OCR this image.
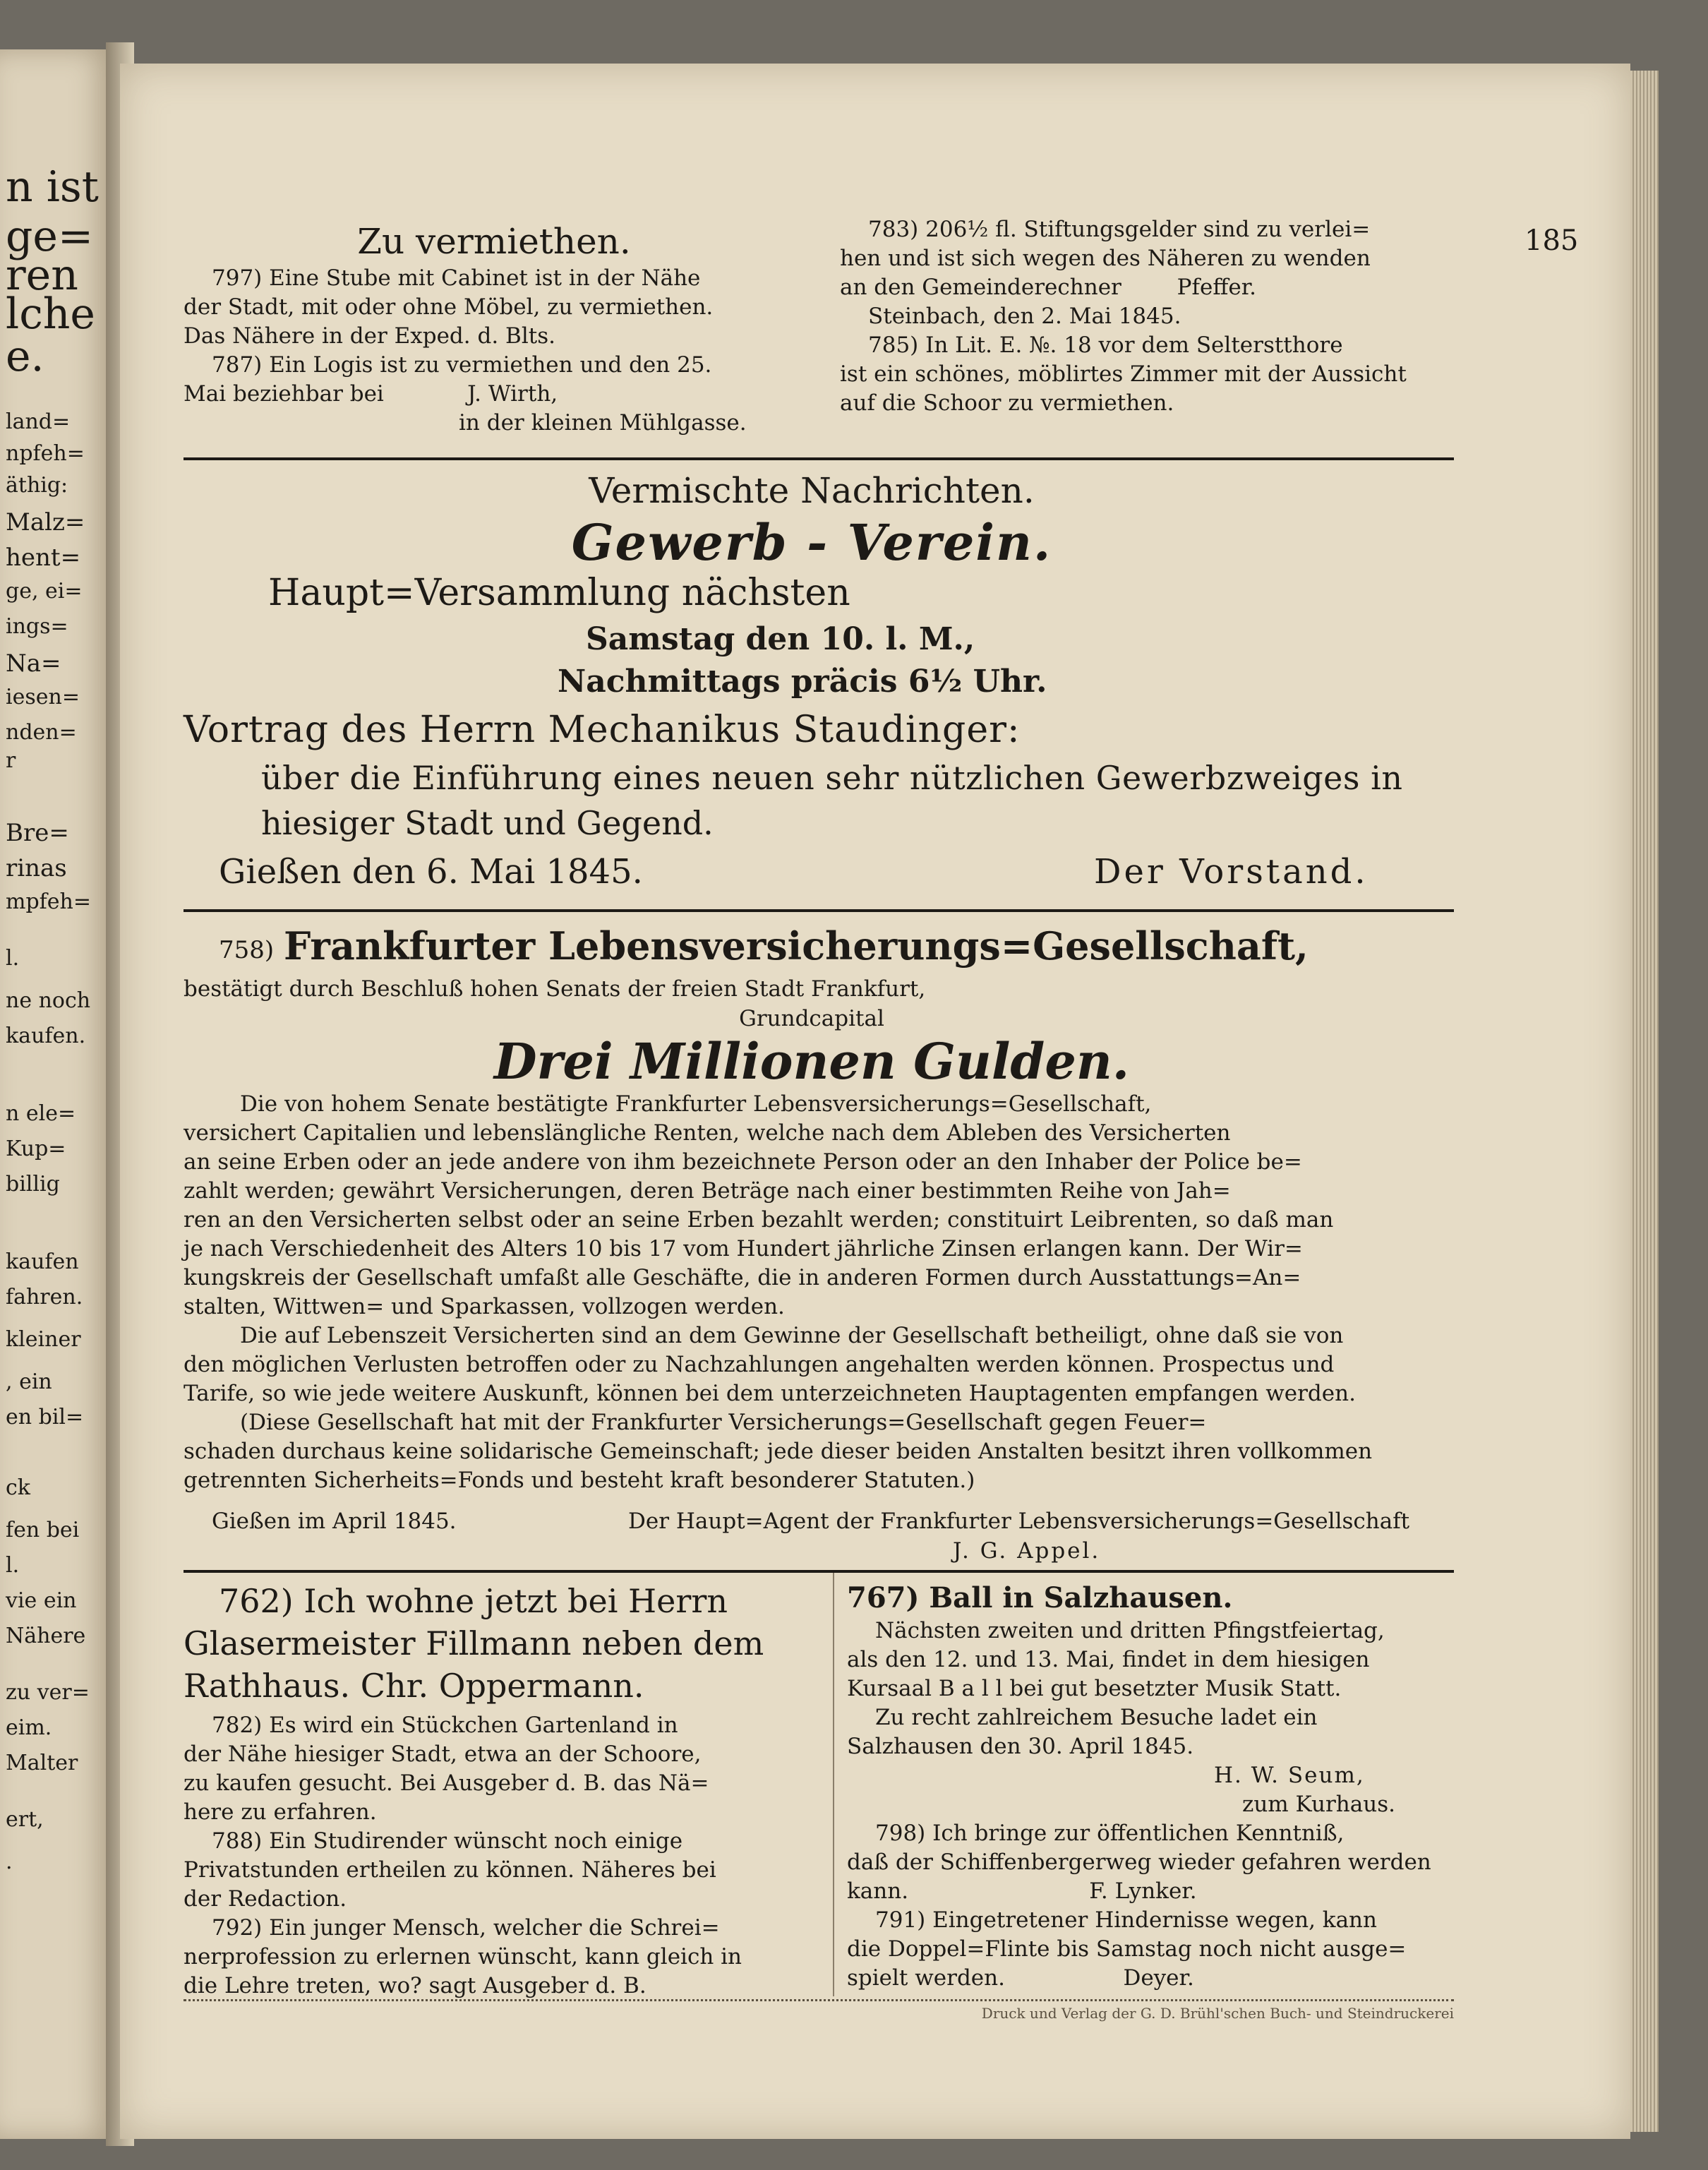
n ist
ge=
ren
lche
e.
land=
npfeh=
äthig:
Malz=
hent=
ge, ei=
ings=
Na=
iesen=
nden=
r
Bre=
rinas
mpfeh=
l.
ne noch
kaufen.
n ele=
Kup=
billig
kaufen
fahren.
kleiner
, ein
en bil=
ck
fen bei
l.
vie ein
Nähere
zu ver=
eim.
Malter
ert,
.
185
Zu vermiethen.

797) Eine Stube mit Cabinet ist in der Nähe

der Stadt, mit oder ohne Möbel, zu vermiethen.

Das Nähere in der Exped. d. Blts.

787) Ein Logis ist zu vermiethen und den 25.

Mai beziehbar bei            J. Wirth,

in der kleinen Mühlgasse.

783) 206¹⁄₂ fl. Stiftungsgelder sind zu verlei=

hen und ist sich wegen des Näheren zu wenden

an den Gemeinderechner        Pfeffer.

Steinbach, den 2. Mai 1845.

785) In Lit. E. №. 18 vor dem Selterstthore

ist ein schönes, möblirtes Zimmer mit der Aussicht

auf die Schoor zu vermiethen.

Vermischte Nachrichten.
Gewerb - Verein.
Haupt=Versammlung nächsten
Samstag den 10. l. M.,
Nachmittags präcis 6¹⁄₂ Uhr.
Vortrag des Herrn Mechanikus Staudinger:
über die Einführung eines neuen sehr nützlichen Gewerbzweiges in
hiesiger Stadt und Gegend.
Gießen den 6. Mai 1845.	Der Vorstand.
758) Frankfurter Lebensversicherungs=Gesellschaft,
bestätigt durch Beschluß hohen Senats der freien Stadt Frankfurt,
Grundcapital
Drei Millionen Gulden.

Die von hohem Senate bestätigte Frankfurter Lebensversicherungs=Gesellschaft,

versichert Capitalien und lebenslängliche Renten, welche nach dem Ableben des Versicherten

an seine Erben oder an jede andere von ihm bezeichnete Person oder an den Inhaber der Police be=

zahlt werden; gewährt Versicherungen, deren Beträge nach einer bestimmten Reihe von Jah=

ren an den Versicherten selbst oder an seine Erben bezahlt werden; constituirt Leibrenten, so daß man

je nach Verschiedenheit des Alters 10 bis 17 vom Hundert jährliche Zinsen erlangen kann. Der Wir=

kungskreis der Gesellschaft umfaßt alle Geschäfte, die in anderen Formen durch Ausstattungs=An=

stalten, Wittwen= und Sparkassen, vollzogen werden.

Die auf Lebenszeit Versicherten sind an dem Gewinne der Gesellschaft betheiligt, ohne daß sie von

den möglichen Verlusten betroffen oder zu Nachzahlungen angehalten werden können. Prospectus und

Tarife, so wie jede weitere Auskunft, können bei dem unterzeichneten Hauptagenten empfangen werden.

(Diese Gesellschaft hat mit der Frankfurter Versicherungs=Gesellschaft gegen Feuer=

schaden durchaus keine solidarische Gemeinschaft; jede dieser beiden Anstalten besitzt ihren vollkommen

getrennten Sicherheits=Fonds und besteht kraft besonderer Statuten.)

Gießen im April 1845.	Der Haupt=Agent der Frankfurter Lebensversicherungs=Gesellschaft
J. G. Appel.

762) Ich wohne jetzt bei Herrn

Glasermeister Fillmann neben dem

Rathhaus. Chr. Oppermann.

782) Es wird ein Stückchen Gartenland in

der Nähe hiesiger Stadt, etwa an der Schoore,

zu kaufen gesucht. Bei Ausgeber d. B. das Nä=

here zu erfahren.

788) Ein Studirender wünscht noch einige

Privatstunden ertheilen zu können. Näheres bei

der Redaction.

792) Ein junger Mensch, welcher die Schrei=

nerprofession zu erlernen wünscht, kann gleich in

die Lehre treten, wo? sagt Ausgeber d. B.

767) Ball in Salzhausen.

Nächsten zweiten und dritten Pfingstfeiertag,

als den 12. und 13. Mai, findet in dem hiesigen

Kursaal B a l l bei gut besetzter Musik Statt.

Zu recht zahlreichem Besuche ladet ein

Salzhausen den 30. April 1845.

H. W. Seum,

zum Kurhaus.

798) Ich bringe zur öffentlichen Kenntniß,

daß der Schiffenbergerweg wieder gefahren werden

kann.                          F. Lynker.

791) Eingetretener Hindernisse wegen, kann

die Doppel=Flinte bis Samstag noch nicht ausge=

spielt werden.                 Deyer.

Druck und Verlag der G. D. Brühl'schen Buch- und Steindruckerei
